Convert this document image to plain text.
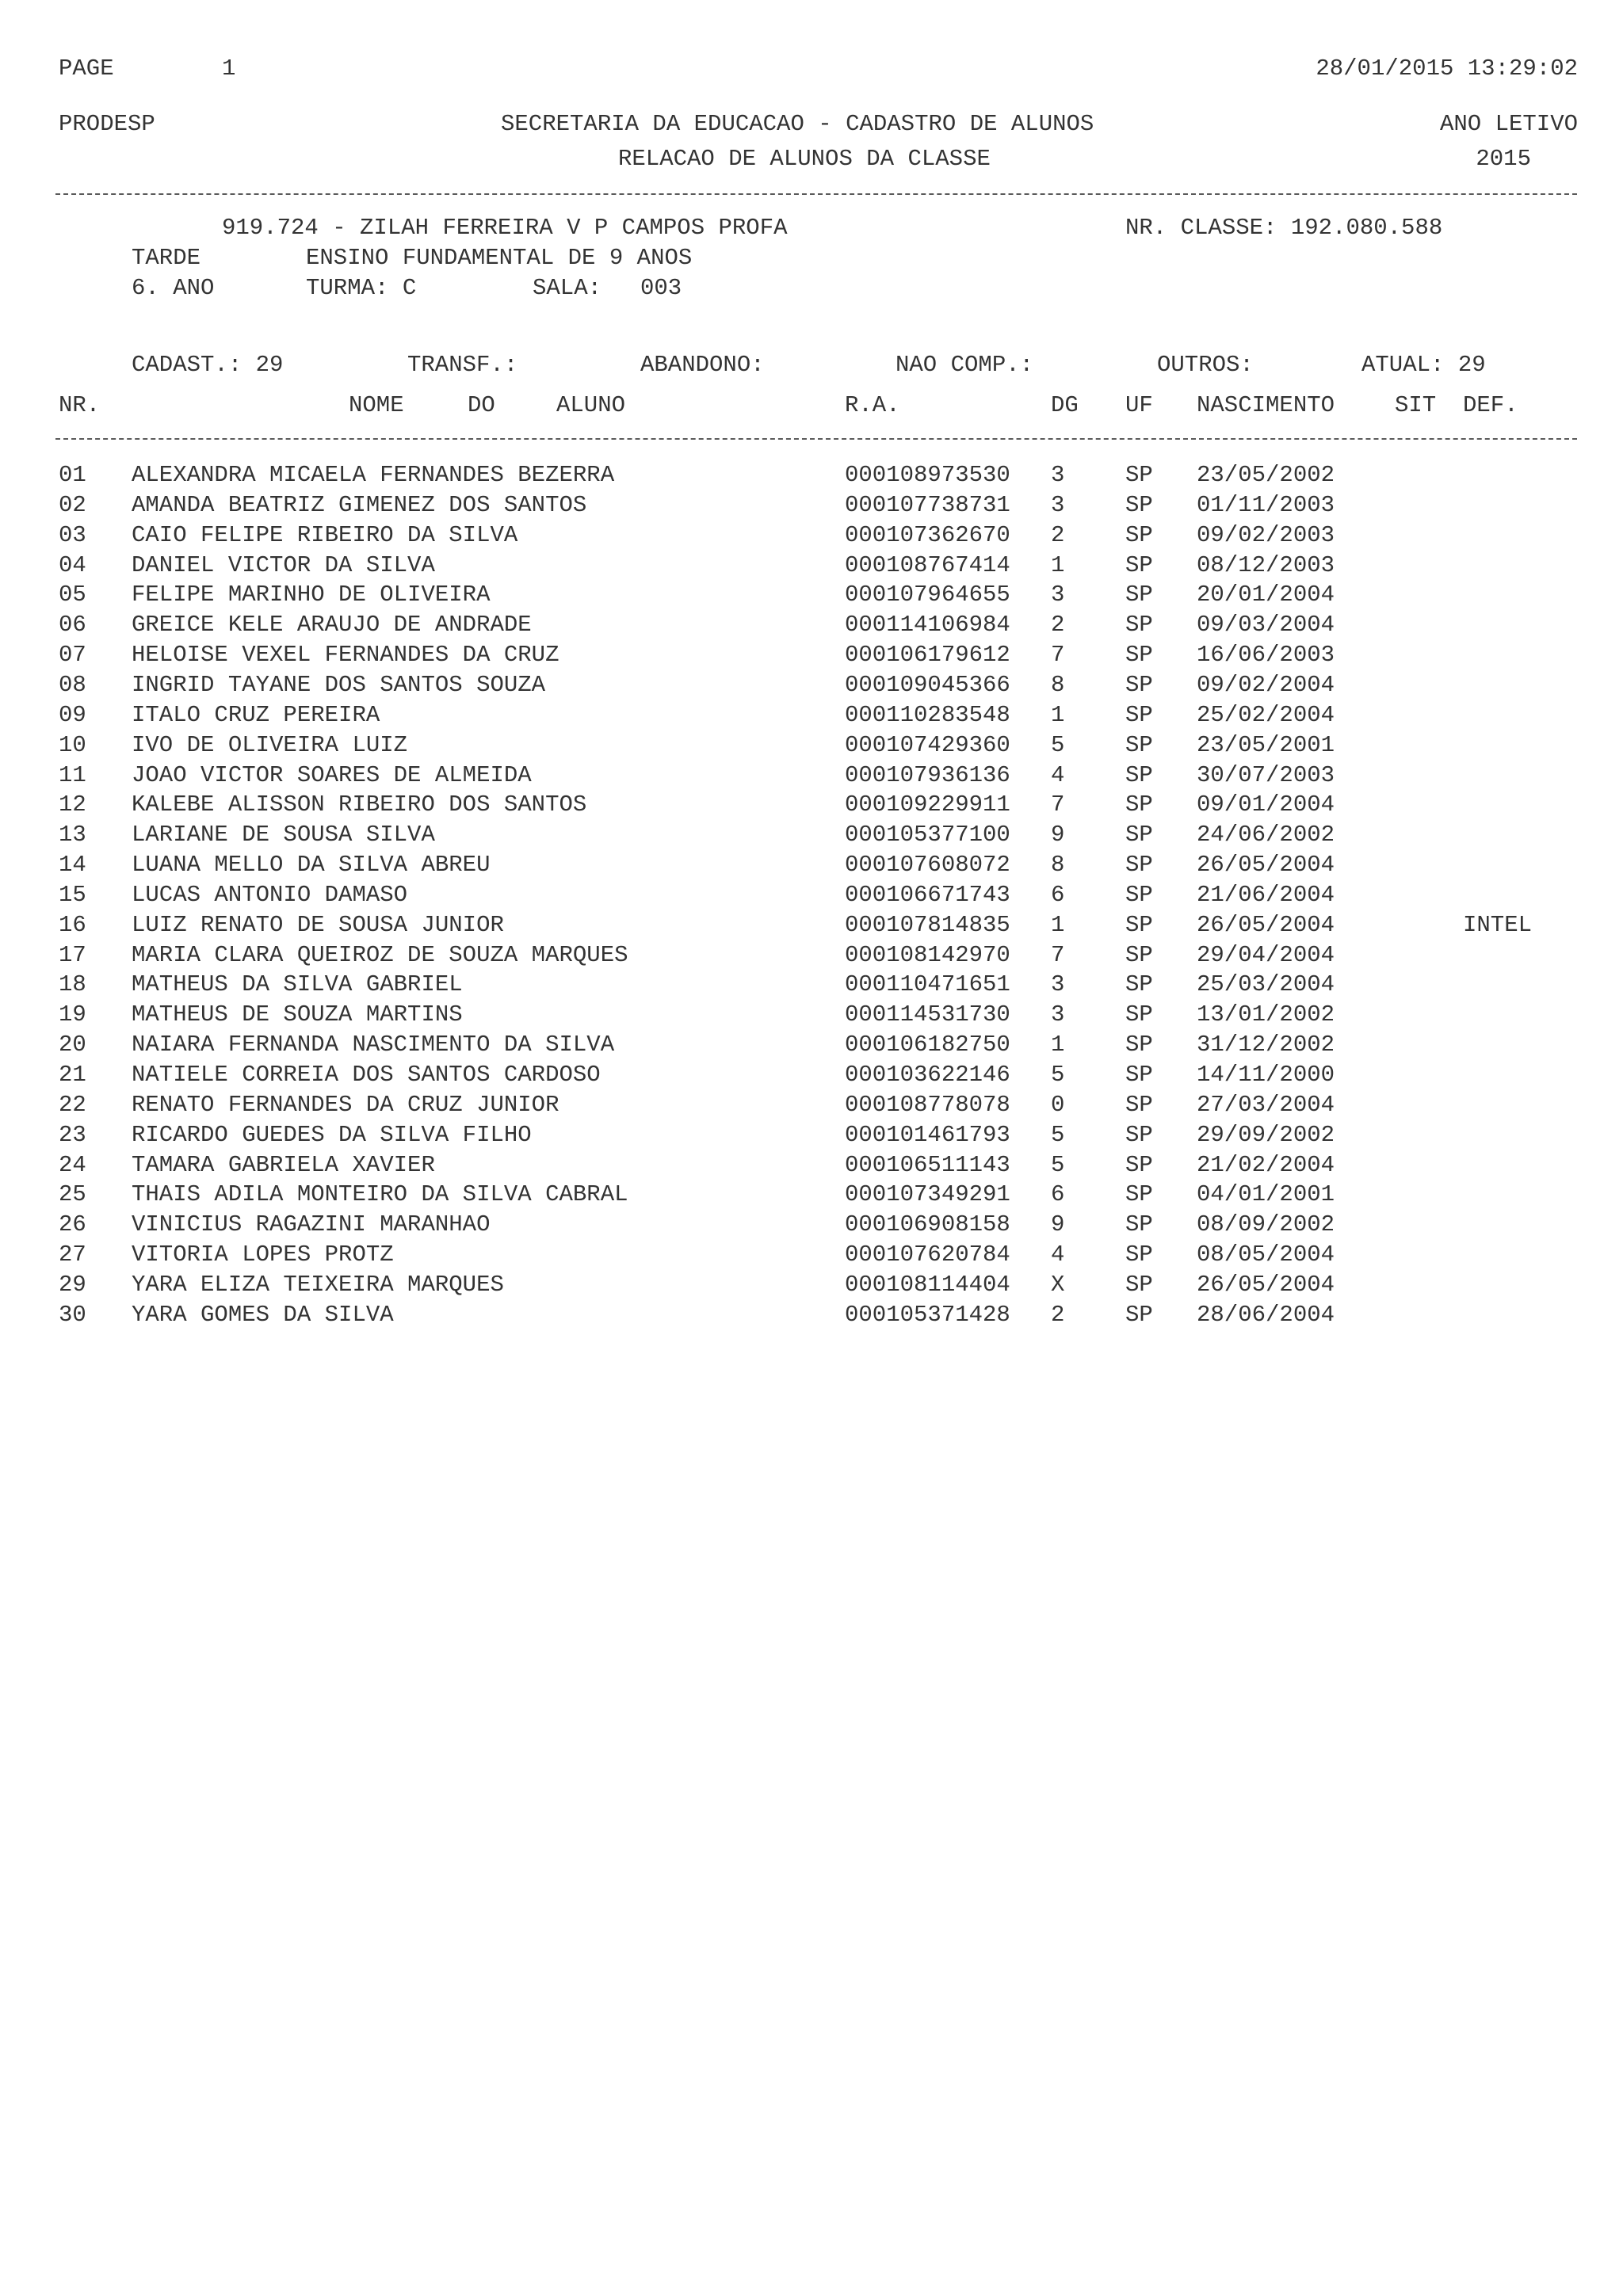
PAGE	1	28/01/2015 13:29:02
PRODESP	SECRETARIA DA EDUCACAO - CADASTRO DE ALUNOS	ANO LETIVO
RELACAO DE ALUNOS DA CLASSE	2015
919.724 - ZILAH FERREIRA V P CAMPOS PROFA	NR. CLASSE: 192.080.588
TARDE	ENSINO FUNDAMENTAL DE 9 ANOS
6. ANO	TURMA: C	SALA: 003
CADAST.: 29	TRANSF.:	ABANDONO:	NAO COMP.:	OUTROS:	ATUAL: 29
NR.	NOME	DO	ALUNO	R.A.	DG UF NASCIMENTO	SIT DEF.
01 ALEXANDRA MICAELA FERNANDES BEZERRA	000108973530 3	SP 23/05/2002
02 AMANDA BEATRIZ GIMENEZ DOS SANTOS	000107738731 3	SP 01/11/2003
03 CAIO FELIPE RIBEIRO DA SILVA	000107362670 2	SP 09/02/2003
04 DANIEL VICTOR DA SILVA	000108767414 1	SP 08/12/2003
05 FELIPE MARINHO DE OLIVEIRA	000107964655 3	SP 20/01/2004
06 GREICE KELE ARAUJO DE ANDRADE	000114106984 2	SP 09/03/2004
07 HELOISE VEXEL FERNANDES DA CRUZ	000106179612 7	SP 16/06/2003
08 INGRID TAYANE DOS SANTOS SOUZA	000109045366 8	SP 09/02/2004
09 ITALO CRUZ PEREIRA	000110283548 1	SP 25/02/2004
10 IVO DE OLIVEIRA LUIZ	000107429360 5	SP 23/05/2001
11 JOAO VICTOR SOARES DE ALMEIDA	000107936136 4	SP 30/07/2003
12 KALEBE ALISSON RIBEIRO DOS SANTOS	000109229911 7	SP 09/01/2004
13 LARIANE DE SOUSA SILVA	000105377100 9	SP 24/06/2002
14 LUANA MELLO DA SILVA ABREU	000107608072 8	SP 26/05/2004
15 LUCAS ANTONIO DAMASO	000106671743 6	SP 21/06/2004
16 LUIZ RENATO DE SOUSA JUNIOR	000107814835 1	SP 26/05/2004	INTEL
17 MARIA CLARA QUEIROZ DE SOUZA MARQUES	000108142970 7	SP 29/04/2004
18 MATHEUS DA SILVA GABRIEL	000110471651 3	SP 25/03/2004
19 MATHEUS DE SOUZA MARTINS	000114531730 3	SP 13/01/2002
20 NAIARA FERNANDA NASCIMENTO DA SILVA	000106182750 1	SP 31/12/2002
21 NATIELE CORREIA DOS SANTOS CARDOSO	000103622146 5	SP 14/11/2000
22 RENATO FERNANDES DA CRUZ JUNIOR	000108778078 0	SP 27/03/2004
23 RICARDO GUEDES DA SILVA FILHO	000101461793 5	SP 29/09/2002
24 TAMARA GABRIELA XAVIER	000106511143 5	SP 21/02/2004
25 THAIS ADILA MONTEIRO DA SILVA CABRAL	000107349291 6	SP 04/01/2001
26 VINICIUS RAGAZINI MARANHAO	000106908158 9	SP 08/09/2002
27 VITORIA LOPES PROTZ	000107620784 4	SP 08/05/2004
29 YARA ELIZA TEIXEIRA MARQUES	000108114404 X	SP 26/05/2004
30 YARA GOMES DA SILVA	000105371428 2	SP 28/06/2004
